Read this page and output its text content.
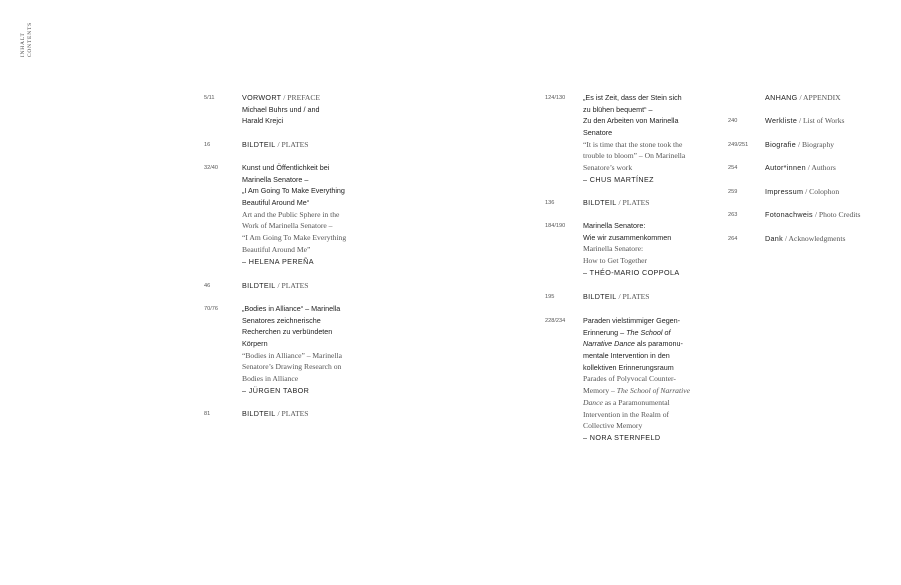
INHALT CONTENTS
5/11	VORWORT / PREFACE
Michael Buhrs und / and
Harald Krejci
16	BILDTEIL / PLATES
32/40	Kunst und Öffentlichkeit bei
Marinella Senatore –
„I Am Going To Make Everything
Beautiful Around Me“
Art and the Public Sphere in the
Work of Marinella Senatore –
“I Am Going To Make Everything
Beautiful Around Me”
– HELENA PEREÑA
46	BILDTEIL / PLATES
70/76	„Bodies in Alliance“ – Marinella
Senatores zeichnerische
Recherchen zu verbündeten
Körpern
“Bodies in Alliance” – Marinella
Senatore’s Drawing Research on
Bodies in Alliance
– JÜRGEN TABOR
81	BILDTEIL / PLATES
124/130 „Es ist Zeit, dass der Stein sich
zu blühen bequemt“ –
Zu den Arbeiten von Marinella
Senatore
“It is time that the stone took the
trouble to bloom” – On Marinella
Senatore’s work
– CHUS MARTÍNEZ
136	BILDTEIL / PLATES
184/190 Marinella Senatore:
Wie wir zusammenkommen
Marinella Senatore:
How to Get Together
– THÉO-MARIO COPPOLA
195	BILDTEIL / PLATES
228/234 Paraden vielstimmiger Gegen-
Erinnerung – The School of
Narrative Dance als paramonu-
mentale Intervention in den
kollektiven Erinnerungsraum
Parades of Polyvocal Counter-
Memory – The School of Narrative
Dance as a Paramonumental
Intervention in the Realm of
Collective Memory
– NORA STERNFELD
ANHANG / APPENDIX
240	Werkliste / List of Works
249/251 Biografie / Biography
254	Autor*innen / Authors
259	Impressum / Colophon
263	Fotonachweis / Photo Credits
264	Dank / Acknowledgments
